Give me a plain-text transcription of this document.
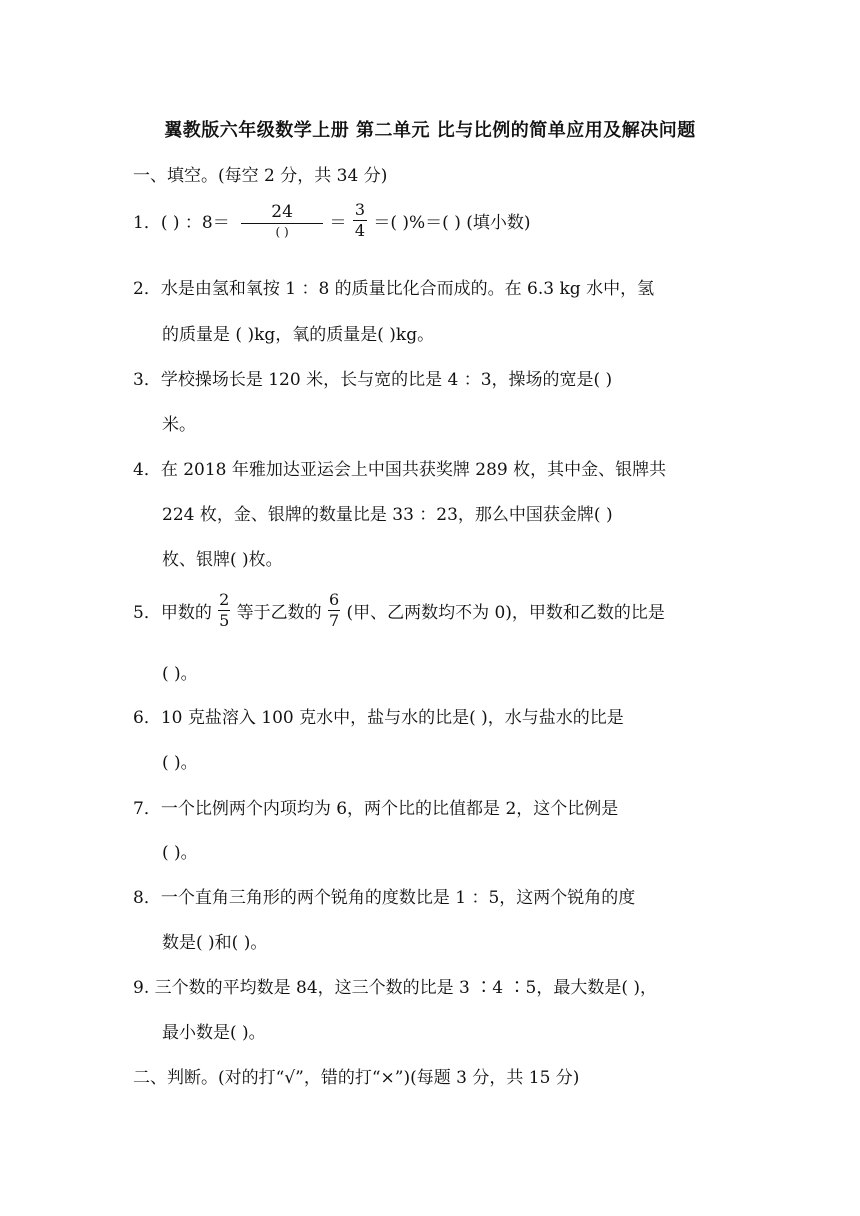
翼教版六年级数学上册 第二单元 比与比例的简单应用及解决问题
一、填空。(每空 2 分，共 34 分)
1．( ) ：$8= \frac{24}{( )} = \frac{3}{4}$ ＝( )%＝( ) (填小数)
2．水是由氢和氧按 1 ：8 的质量比化合而成的。在 6.3 kg 水中，氢
的质量是 ( )kg，氧的质量是( )kg。
3．学校操场长是 120 米，长与宽的比是 4 ：3，操场的宽是( )
米。
4．在 2018 年雅加达亚运会上中国共获奖牌 289 枚，其中金、银牌共
224 枚，金、银牌的数量比是 33 ：23，那么中国获金牌( )
枚、银牌( )枚。
5．甲数的 $\frac{2}{5}$ 等于乙数的 $\frac{6}{7}$ (甲、乙两数均不为 0)，甲数和乙数的比是
( )。
6．10 克盐溶入 100 克水中，盐与水的比是( )，水与盐水的比是
( )。
7．一个比例两个内项均为 6，两个比的比值都是 2，这个比例是
( )。
8．一个直角三角形的两个锐角的度数比是 1 ：5，这两个锐角的度
数是( )和( )。
9. 三个数的平均数是 84，这三个数的比是 3 ∶4 ∶5，最大数是( )，
最小数是( )。
二、判断。(对的打“√”，错的打“×”)(每题 3 分，共 15 分)
